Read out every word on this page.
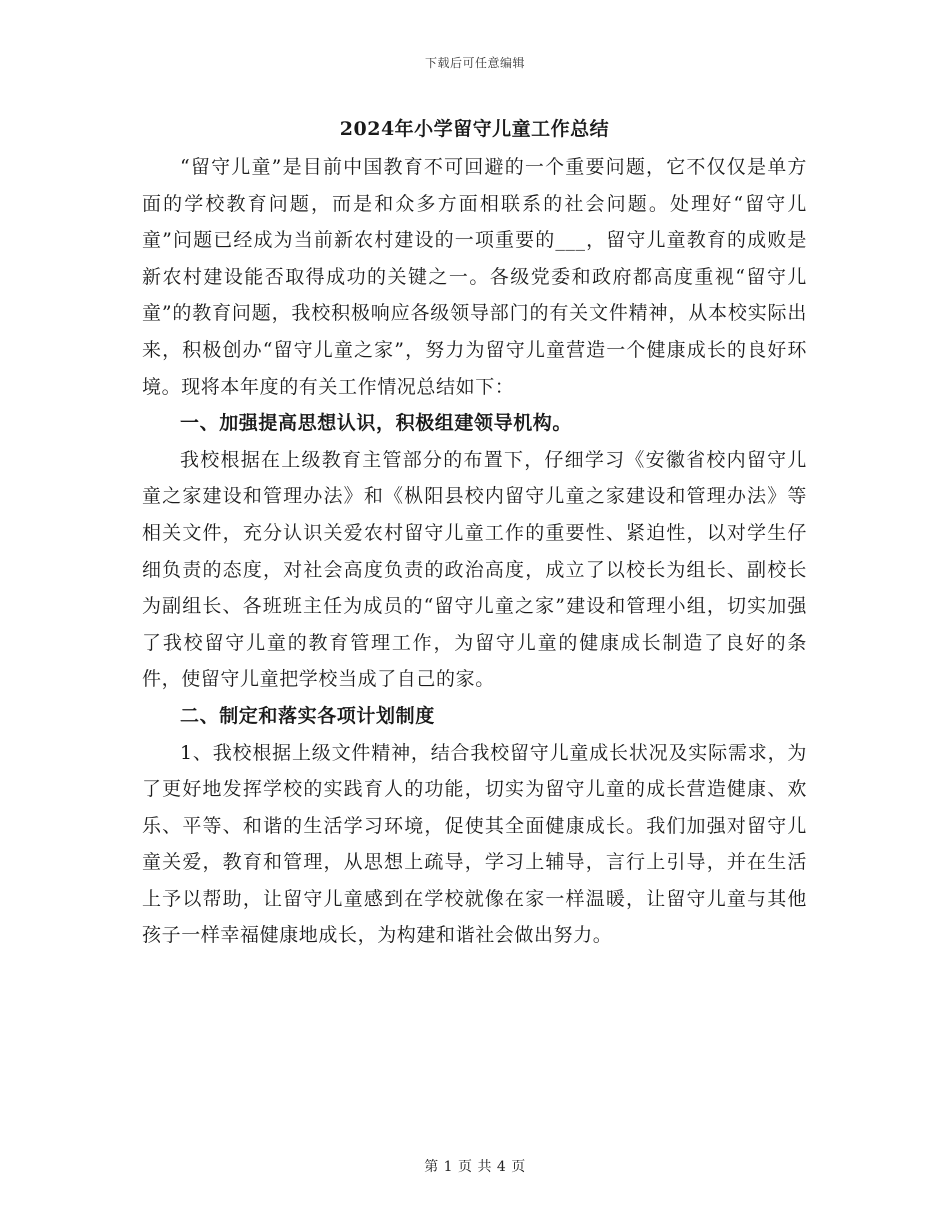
下载后可任意编辑
2024年小学留守儿童工作总结

“留守儿童”是目前中国教育不可回避的一个重要问题，它不仅仅是单方面的学校教育问题，而是和众多方面相联系的社会问题。处理好“留守儿童”问题已经成为当前新农村建设的一项重要的___，留守儿童教育的成败是新农村建设能否取得成功的关键之一。各级党委和政府都高度重视“留守儿童”的教育问题，我校积极响应各级领导部门的有关文件精神，从本校实际出来，积极创办“留守儿童之家”，努力为留守儿童营造一个健康成长的良好环境。现将本年度的有关工作情况总结如下：

一、加强提高思想认识，积极组建领导机构。

我校根据在上级教育主管部分的布置下，仔细学习《安徽省校内留守儿童之家建设和管理办法》和《枞阳县校内留守儿童之家建设和管理办法》等相关文件，充分认识关爱农村留守儿童工作的重要性、紧迫性，以对学生仔细负责的态度，对社会高度负责的政治高度，成立了以校长为组长、副校长为副组长、各班班主任为成员的“留守儿童之家”建设和管理小组，切实加强了我校留守儿童的教育管理工作，为留守儿童的健康成长制造了良好的条件，使留守儿童把学校当成了自己的家。

二、制定和落实各项计划制度

1、我校根据上级文件精神，结合我校留守儿童成长状况及实际需求，为了更好地发挥学校的实践育人的功能，切实为留守儿童的成长营造健康、欢乐、平等、和谐的生活学习环境，促使其全面健康成长。我们加强对留守儿童关爱，教育和管理，从思想上疏导，学习上辅导，言行上引导，并在生活上予以帮助，让留守儿童感到在学校就像在家一样温暖，让留守儿童与其他孩子一样幸福健康地成长，为构建和谐社会做出努力。

第 1 页 共 4 页
